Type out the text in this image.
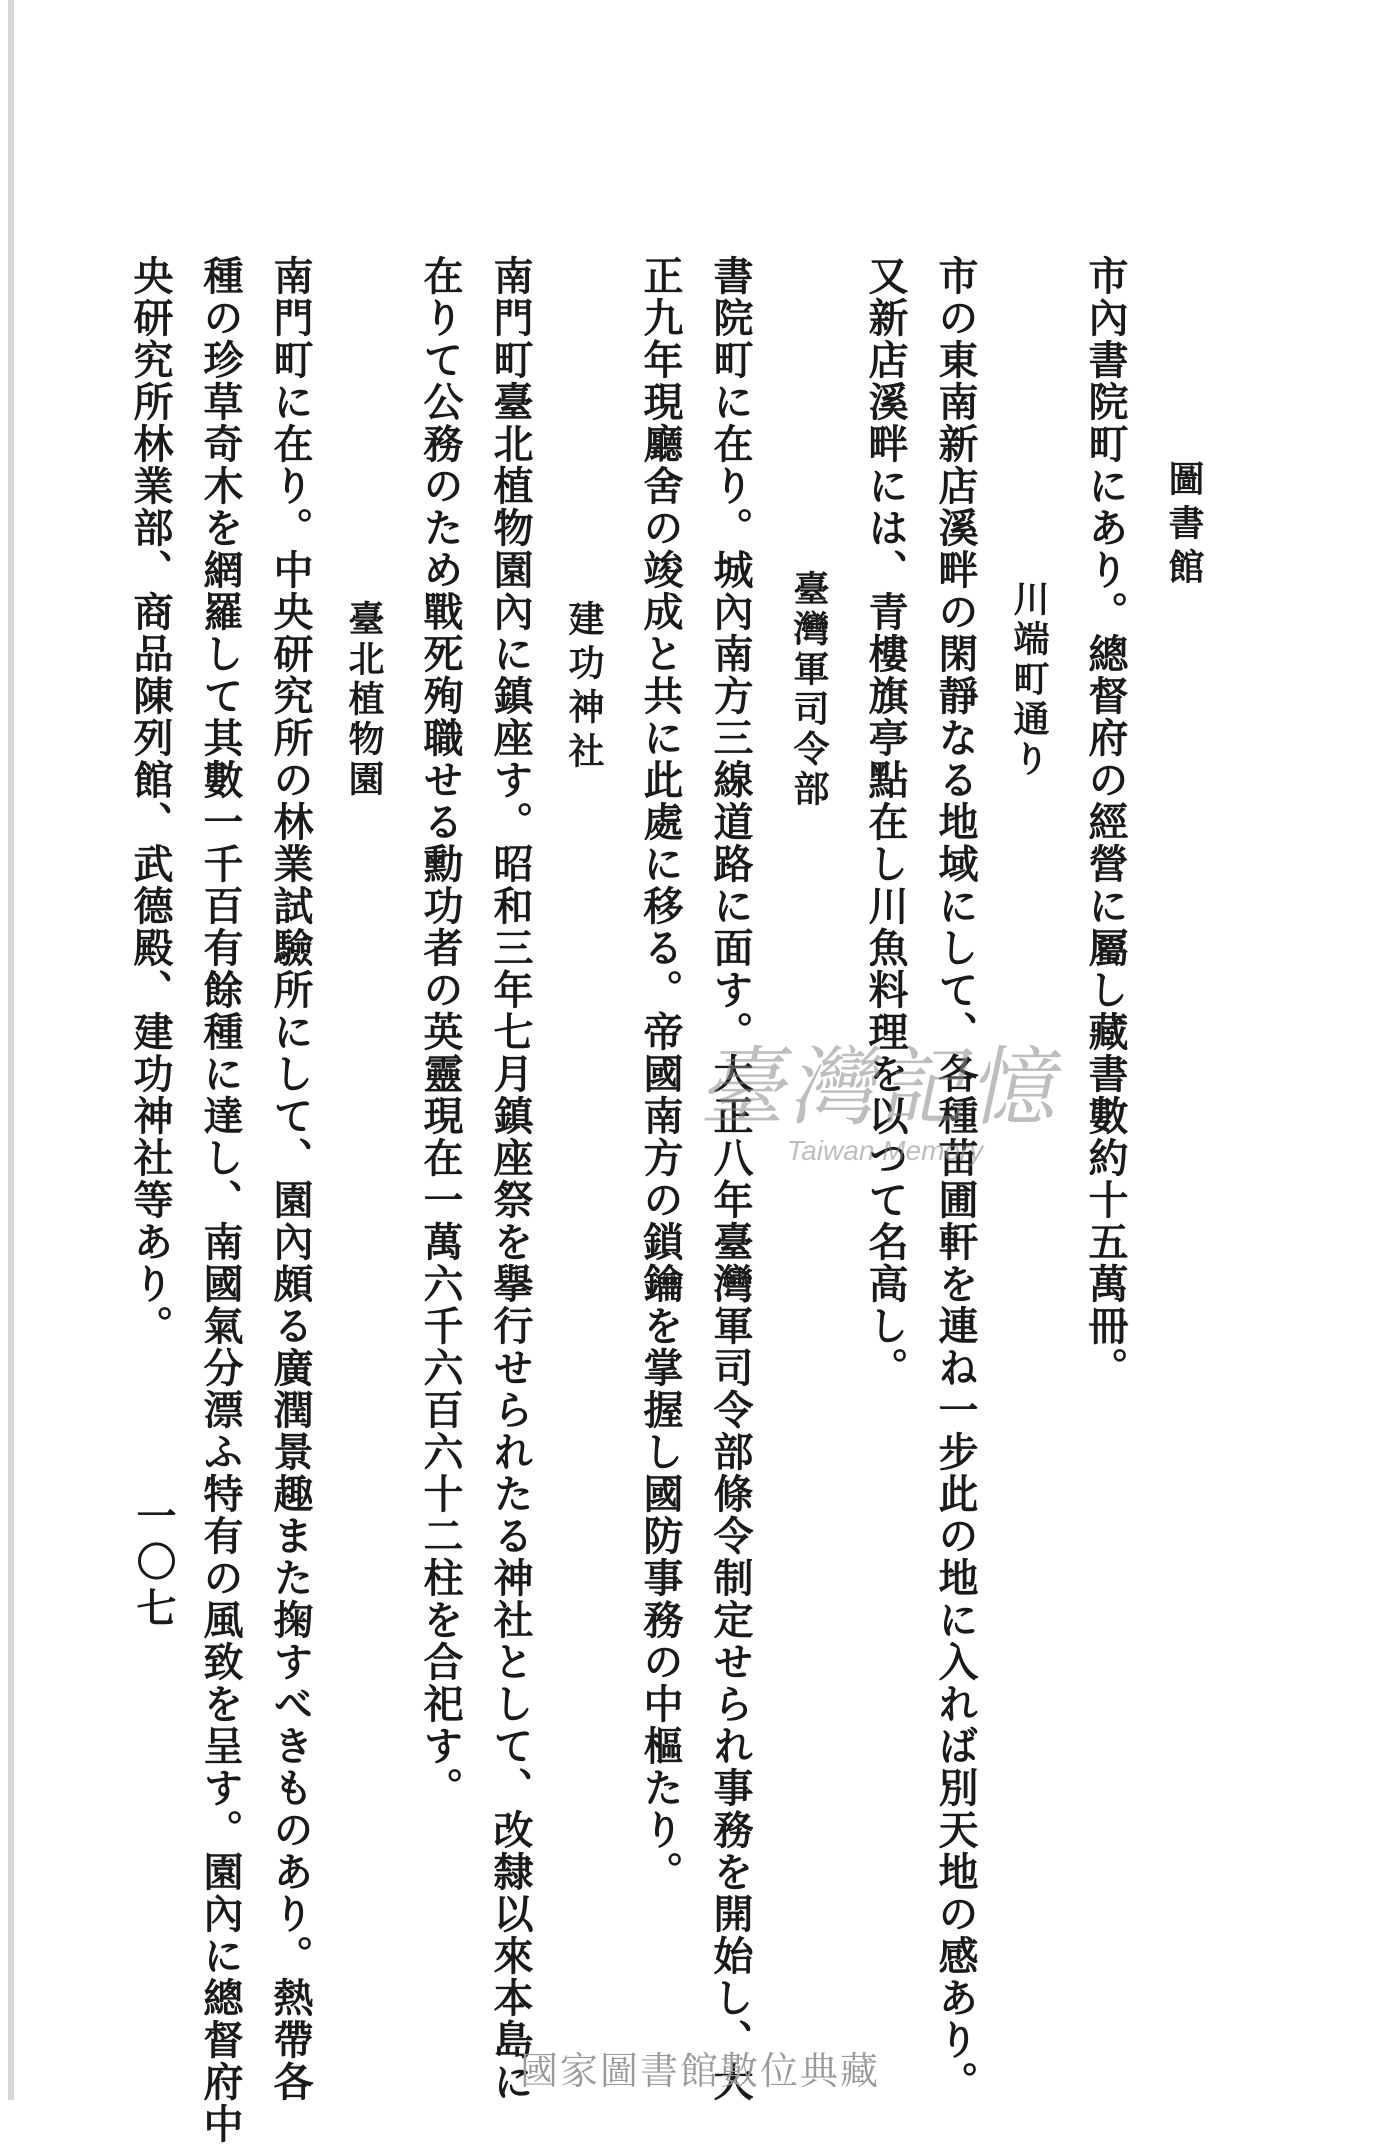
圖書館
市內書院町にあり。總督府の經營に屬し藏書數約十五萬冊。
川端町通り
市の東南新店溪畔の閑靜なる地域にして、各種苗圃軒を連ね一步此の地に入れば別天地の感あり。
又新店溪畔には、青樓旗亭點在し川魚料理を以つて名高し。
臺灣軍司令部
書院町に在り。城內南方三線道路に面す。大正八年臺灣軍司令部條令制定せられ事務を開始し、大
正九年現廳舍の竣成と共に此處に移る。帝國南方の鎖鑰を掌握し國防事務の中樞たり。
建功神社
南門町臺北植物園內に鎮座す。昭和三年七月鎮座祭を擧行せられたる神社として、改隸以來本島に
在りて公務のため戰死殉職せる勳功者の英靈現在一萬六千六百六十二柱を合祀す。
臺北植物園
南門町に在り。中央研究所の林業試驗所にして、園內頗る廣潤景趣また掬すべきものあり。熱帶各
種の珍草奇木を網羅して其數一千百有餘種に達し、南國氣分漂ふ特有の風致を呈す。園內に總督府中
央研究所林業部、商品陳列館、武德殿、建功神社等あり。
一〇七
臺灣記憶
Taiwan Memory
國家圖書館數位典藏
